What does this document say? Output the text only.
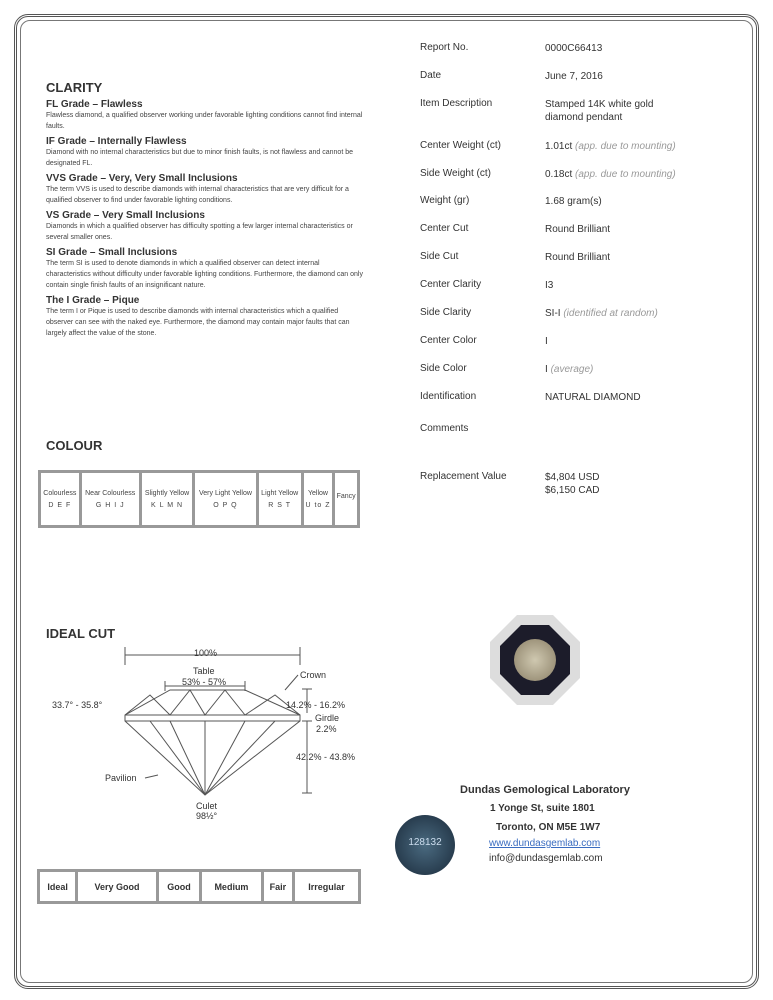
Report No.	0000C66413
Date	June 7, 2016
Item Description	Stamped 14K white gold
diamond pendant
Center Weight (ct)	1.01ct (app. due to mounting)
Side Weight (ct)	0.18ct (app. due to mounting)
Weight (gr)	1.68 gram(s)
Center Cut	Round Brilliant
Side Cut	Round Brilliant
Center Clarity	I3
Side Clarity	SI-I (identified at random)
Center Color	I
Side Color	I (average)
Identification	NATURAL DIAMOND
Comments
Replacement Value	$4,804 USD
$6,150 CAD
CLARITY
FL Grade – Flawless
Flawless diamond, a qualified observer working under favorable lighting conditions cannot find internal faults.
IF Grade – Internally Flawless
Diamond with no internal characteristics but due to minor finish faults, is not flawless and cannot be designated FL.
VVS Grade – Very, Very Small Inclusions
The term VVS is used to describe diamonds with internal characteristics that are very difficult for a qualified observer to find under favorable lighting conditions.
VS Grade – Very Small Inclusions
Diamonds in which a qualified observer has difficulty spotting a few larger internal characteristics or several smaller ones.
SI Grade – Small Inclusions
The term SI is used to denote diamonds in which a qualified observer can detect internal characteristics without difficulty under favorable lighting conditions. Furthermore, the diamond can only contain single finish faults of an insignificant nature.
The I Grade – Pique
The term I or Pique is used to describe diamonds with internal characteristics which a qualified observer can see with the naked eye. Furthermore, the diamond may contain major faults that can largely affect the value of the stone.
COLOUR
Colourless
D E F

Near Colourless
G H I J

Slightly Yellow
K L M N

Very Light Yellow
O P Q

Light Yellow
R S T

Yellow
U to Z

Fancy
IDEAL CUT
100%
Table
53% - 57%
Crown
33.7° - 35.8°	14.2% - 16.2%
Girdle
2.2%
42.2% - 43.8%
Pavilion
Culet
98½°
Ideal	Very Good	Good	Medium	Fair	Irregular
128132
Dundas Gemological Laboratory
1 Yonge St, suite 1801
Toronto, ON M5E 1W7
www.dundasgemlab.com
info@dundasgemlab.com
